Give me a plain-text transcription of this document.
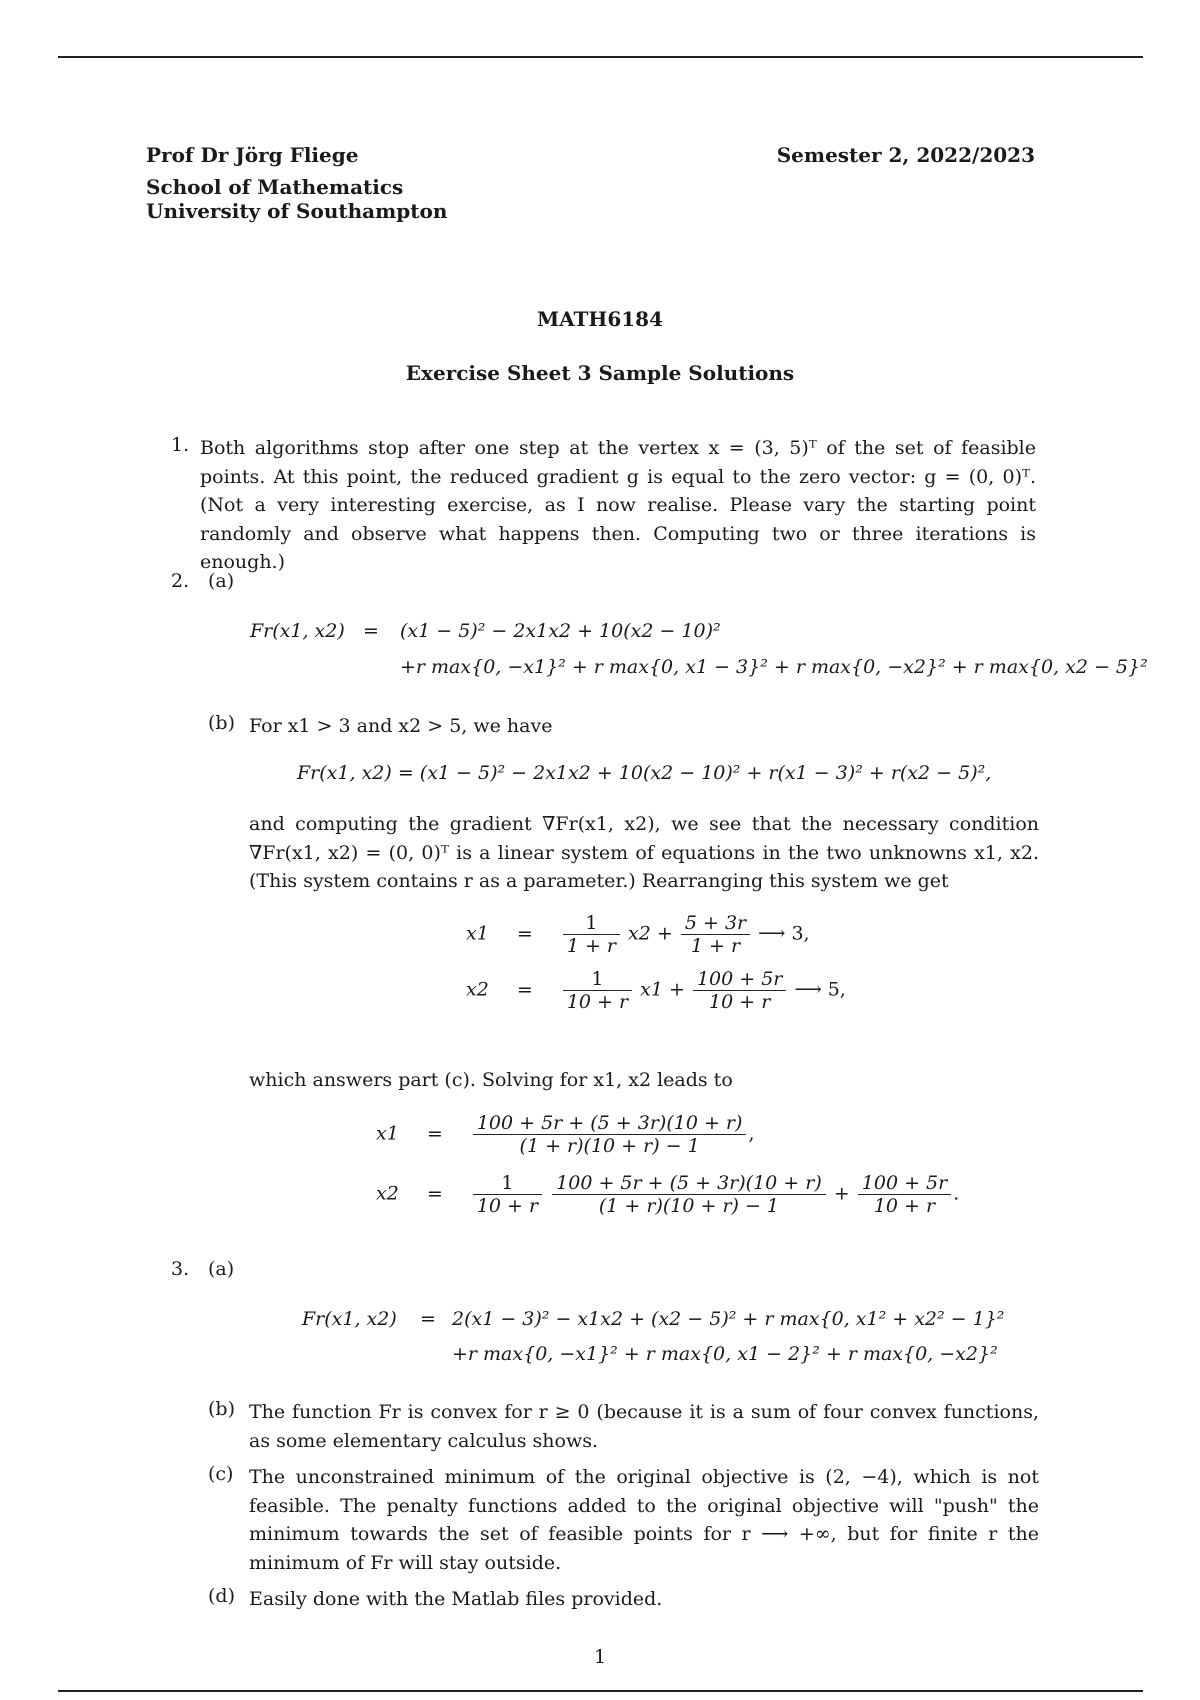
Prof Dr Jörg Fliege
School of Mathematics
University of Southampton
Semester 2, 2022/2023
MATH6184
Exercise Sheet 3 Sample Solutions
1. Both algorithms stop after one step at the vertex x = (3, 5)ᵀ of the set of feasible points. At this point, the reduced gradient g is equal to the zero vector: g = (0, 0)ᵀ. (Not a very interesting exercise, as I now realise. Please vary the starting point randomly and observe what happens then. Computing two or three iterations is enough.)
2. (a)
Fr(x1, x2) = (x1 − 5)² − 2x1x2 + 10(x2 − 10)²
+r max{0, −x1}² + r max{0, x1 − 3}² + r max{0, −x2}² + r max{0, x2 − 5}²
(b) For x1 > 3 and x2 > 5, we have
Fr(x1, x2) = (x1 − 5)² − 2x1x2 + 10(x2 − 10)² + r(x1 − 3)² + r(x2 − 5)²,
and computing the gradient ∇Fr(x1, x2), we see that the necessary condition ∇Fr(x1, x2) = (0, 0)ᵀ is a linear system of equations in the two unknowns x1, x2. (This system contains r as a parameter.) Rearranging this system we get
$x1 = \frac{1}{1 + r} x2 + \frac{5 + 3r}{1 + r}$ ⟶ 3,
$x2 = \frac{1}{10 + r} x1 + \frac{100 + 5r}{10 + r}$ ⟶ 5,
which answers part (c). Solving for x1, x2 leads to
$x1 = \frac{100 + 5r + (5 + 3r)(10 + r)}{(1 + r)(10 + r) - 1}$ ,
$x2 = \frac{1}{10 + r}$
$\frac{100 + 5r + (5 + 3r)(10 + r)}{(1 + r)(10 + r) - 1} + \frac{100 + 5r}{10 + r}$ .
3. (a)
Fr(x1, x2) = 2(x1 − 3)² − x1x2 + (x2 − 5)² + r max{0, x1² + x2² − 1}²
+r max{0, −x1}² + r max{0, x1 − 2}² + r max{0, −x2}²
(b) The function Fr is convex for r ≥ 0 (because it is a sum of four convex functions, as some elementary calculus shows.
(c) The unconstrained minimum of the original objective is (2, −4), which is not feasible. The penalty functions added to the original objective will "push" the minimum towards the set of feasible points for r ⟶ +∞, but for finite r the minimum of Fr will stay outside.
(d) Easily done with the Matlab files provided.
1
